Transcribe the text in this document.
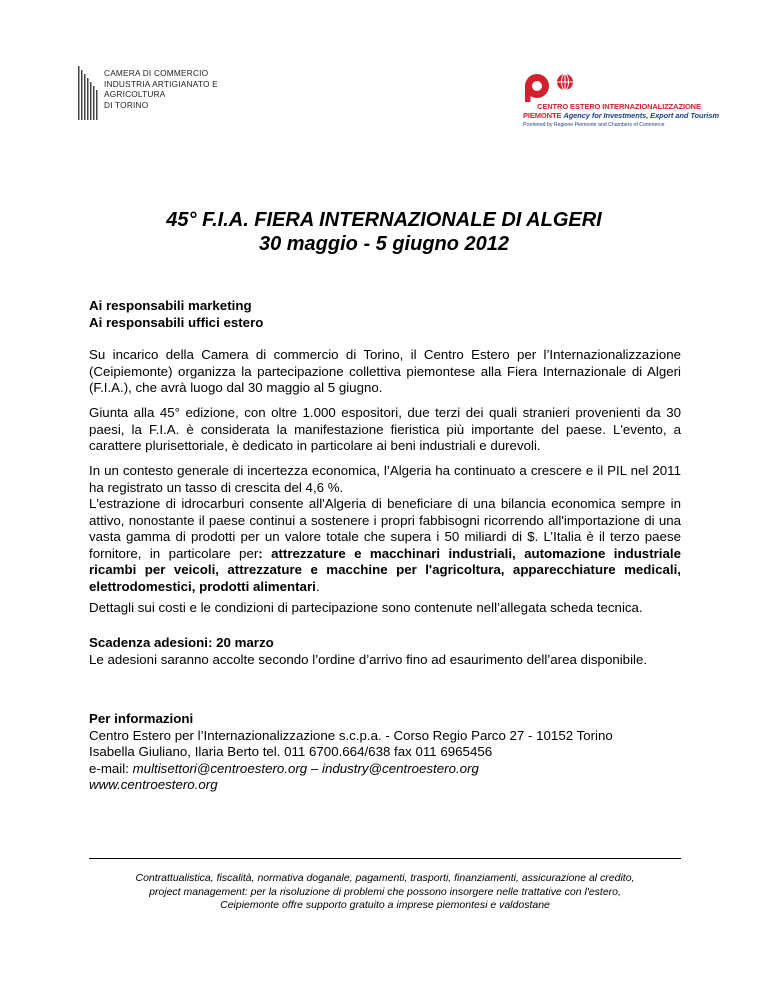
CAMERA DI COMMERCIO
INDUSTRIA ARTIGIANATO E AGRICOLTURA
DI TORINO	CENTRO ESTERO INTERNAZIONALIZZAZIONE
PIEMONTE Agency for Investments, Export and Tourism
Promoted by Regione Piemonte and Chambers of Commerce
45° F.I.A. FIERA INTERNAZIONALE DI ALGERI
30 maggio - 5 giugno 2012

Ai responsabili marketing

Ai responsabili uffici estero

Su incarico della Camera di commercio di Torino, il Centro Estero per l’Internazionalizzazione (Ceipiemonte) organizza la partecipazione collettiva piemontese alla Fiera Internazionale di Algeri (F.I.A.), che avrà luogo dal 30 maggio al 5 giugno.

Giunta alla 45° edizione, con oltre 1.000 espositori, due terzi dei quali stranieri provenienti da 30 paesi, la F.I.A. è considerata la manifestazione fieristica più importante del paese. L'evento, a carattere plurisettoriale, è dedicato in particolare ai beni industriali e durevoli.

In un contesto generale di incertezza economica, l’Algeria ha continuato a crescere e il PIL nel 2011 ha registrato un tasso di crescita del 4,6 %.

L'estrazione di idrocarburi consente all'Algeria di beneficiare di una bilancia economica sempre in attivo, nonostante il paese continui a sostenere i propri fabbisogni ricorrendo all'importazione di una vasta gamma di prodotti per un valore totale che supera i 50 miliardi di $. L’Italia è il terzo paese fornitore, in particolare per: attrezzature e macchinari industriali, automazione industriale ricambi per veicoli, attrezzature e macchine per l'agricoltura, apparecchiature medicali, elettrodomestici, prodotti alimentari.

Dettagli sui costi e le condizioni di partecipazione sono contenute nell’allegata scheda tecnica.

Scadenza adesioni: 20 marzo

Le adesioni saranno accolte secondo l’ordine d’arrivo fino ad esaurimento dell’area disponibile.

Per informazioni

Centro Estero per l’Internazionalizzazione s.c.p.a. - Corso Regio Parco 27 - 10152 Torino

Isabella Giuliano, Ilaria Berto tel. 011 6700.664/638 fax 011 6965456

e-mail: multisettori@centroestero.org – industry@centroestero.org

www.centroestero.org

Contrattualistica, fiscalità, normativa doganale, pagamenti, trasporti, finanziamenti, assicurazione al credito,
project management: per la risoluzione di problemi che possono insorgere nelle trattative con l'estero,
Ceipiemonte offre supporto gratuito a imprese piemontesi e valdostane
